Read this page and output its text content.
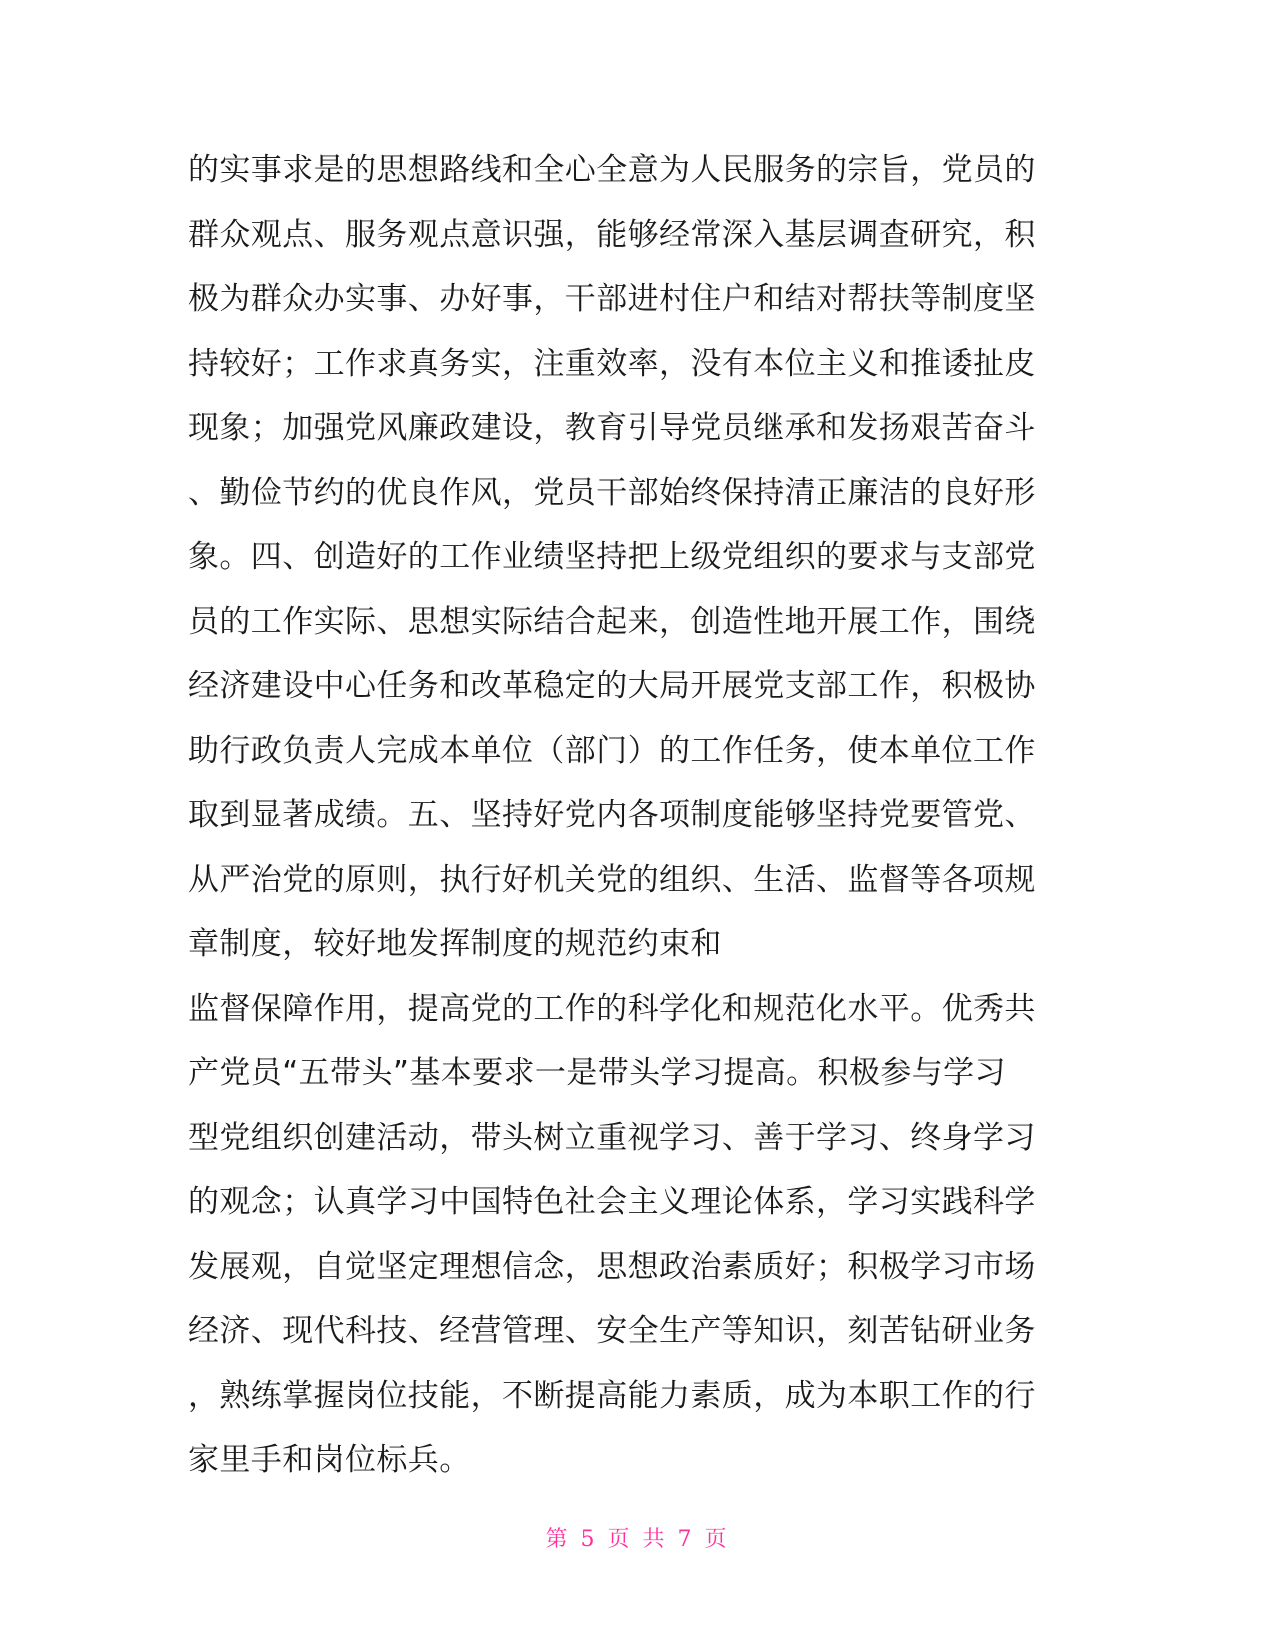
的实事求是的思想路线和全心全意为人民服务的宗旨，党员的
群众观点、服务观点意识强，能够经常深入基层调查研究，积
极为群众办实事、办好事，干部进村住户和结对帮扶等制度坚
持较好；工作求真务实，注重效率，没有本位主义和推诿扯皮
现象；加强党风廉政建设，教育引导党员继承和发扬艰苦奋斗
、勤俭节约的优良作风，党员干部始终保持清正廉洁的良好形
象。四、创造好的工作业绩坚持把上级党组织的要求与支部党
员的工作实际、思想实际结合起来，创造性地开展工作，围绕
经济建设中心任务和改革稳定的大局开展党支部工作，积极协
助行政负责人完成本单位（部门）的工作任务，使本单位工作
取到显著成绩。五、坚持好党内各项制度能够坚持党要管党、
从严治党的原则，执行好机关党的组织、生活、监督等各项规
章制度，较好地发挥制度的规范约束和
监督保障作用，提高党的工作的科学化和规范化水平。优秀共
产党员“五带头”基本要求一是带头学习提高。积极参与学习
型党组织创建活动，带头树立重视学习、善于学习、终身学习
的观念；认真学习中国特色社会主义理论体系，学习实践科学
发展观，自觉坚定理想信念，思想政治素质好；积极学习市场
经济、现代科技、经营管理、安全生产等知识，刻苦钻研业务
，熟练掌握岗位技能，不断提高能力素质，成为本职工作的行
家里手和岗位标兵。
第 5 页 共 7 页
